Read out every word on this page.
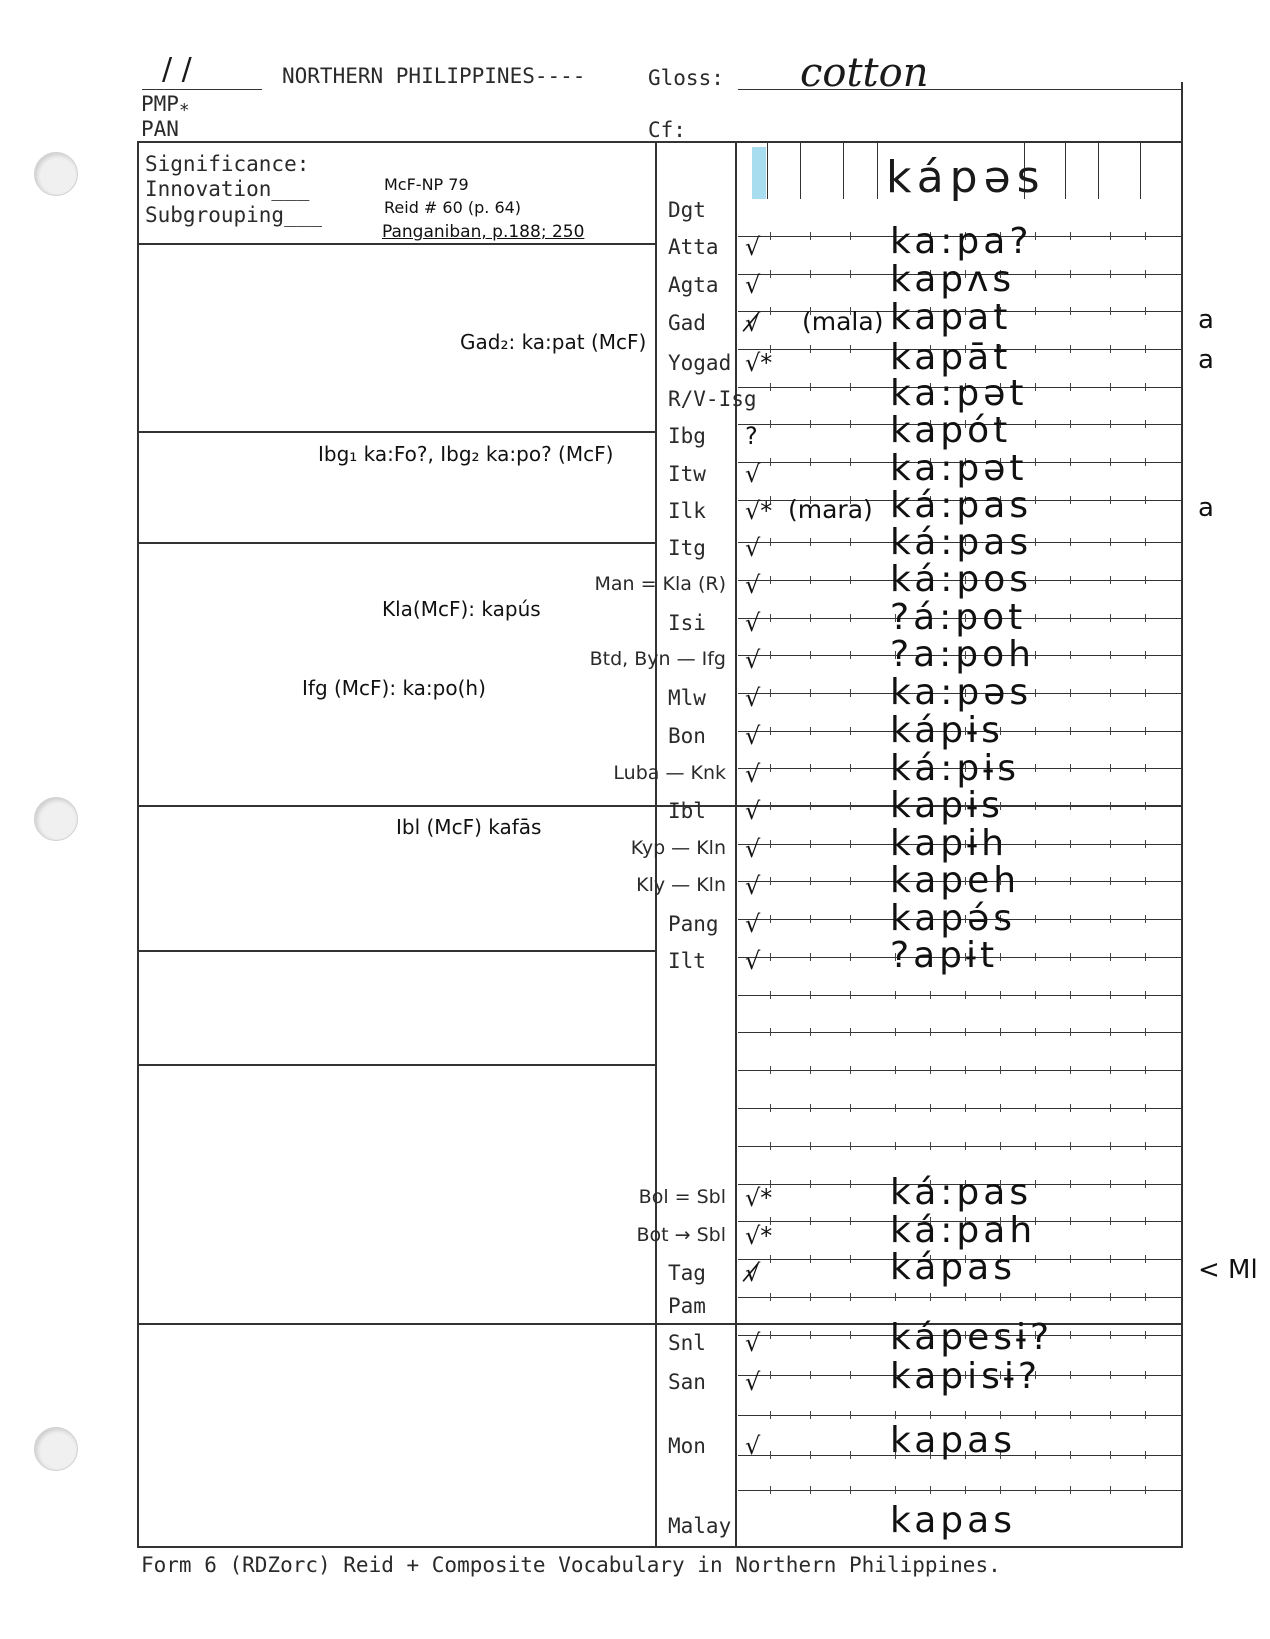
/ /	NORTHERN PHILIPPINES----	Gloss: cotton
$PMP_*$
PAN	Cf:
Significance:
Innovation___
Subgrouping___
McF-NP 79
Reid # 60 (p. 64)
Panganiban, p.188; 250
kápəs
Dgt
Atta √	ka:pa?
Agta √	kapʌs
Gad √̸ (mala) kapat	a
Yogad √*	kapāt	a
R/V-Isg	ka:pət
Ibg ?	kapót
Itw √	ka:pət
Ilk √* (mara) ká:pas	a
Itg √	ká:pas
Man = Kla (R) √	ká:pos
Isi √	?á:pot
Btd, Byn — Ifg √	?a:poh
Mlw √	ka:pəs
Bon √	kápɨs
Luba — Knk √	ká:pɨs
Ibl √	kapɨs
Kyp — Kln √	kapɨh
Kly — Kln √	kapeh
Pang √	kapə́s
Ilt √	?apɨt
Bol = Sbl √*	ká:pas
Bot → Sbl √*	ká:pah
Tag √̸	kápas	< Ml
Pam
Snl √	kápesɨ?
San √	kapisɨ?
Mon √	kapas
Malay	kapas
Gad₂: ka:pat (McF)
Ibg₁ ka:Fo?, Ibg₂ ka:po? (McF)
Kla(McF): kapús
Ifg (McF): ka:po(h)
Ibl (McF) kafās
Form 6 (RDZorc) Reid + Composite Vocabulary in Northern Philippines.
